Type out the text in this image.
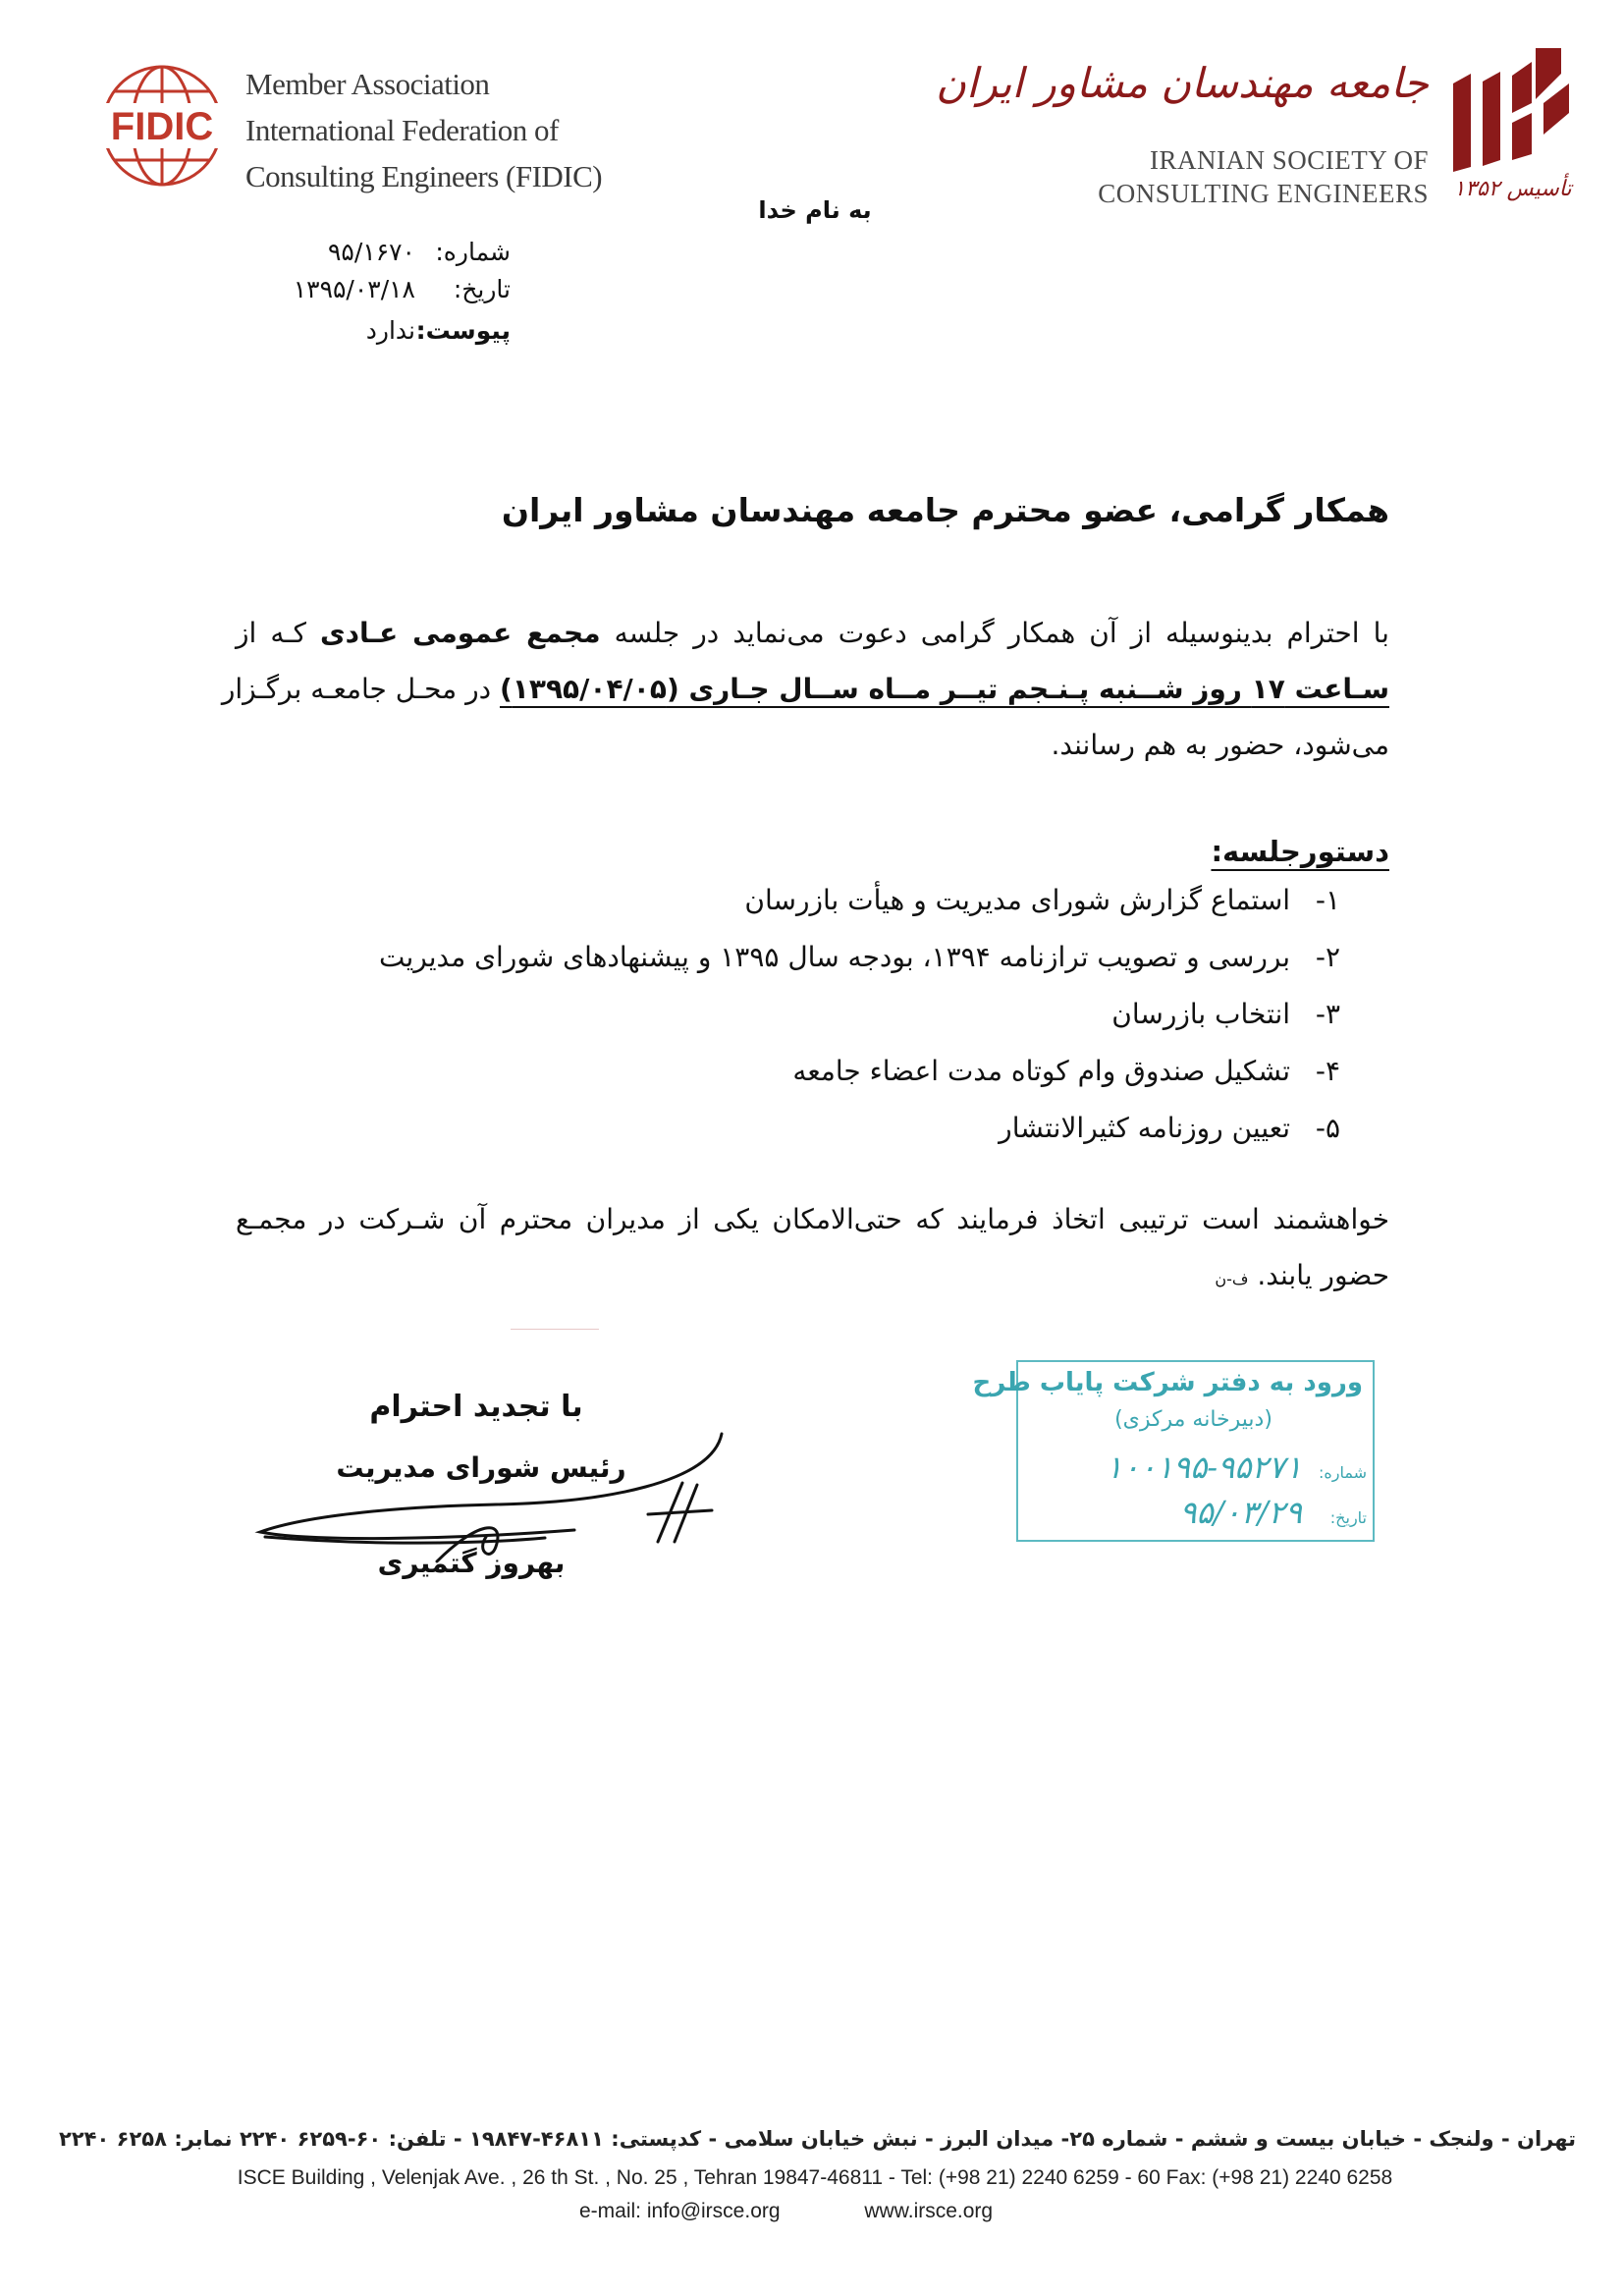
FIDIC
Member Association
International Federation of
Consulting Engineers (FIDIC)
جامعه مهندسان مشاور ایران
IRANIAN SOCIETY OF
CONSULTING ENGINEERS تأسیس ۱۳۵۲
به نام خدا
شماره:۹۵/۱۶۷۰
تاریخ:۱۳۹۵/۰۳/۱۸
پیوست:ندارد
همکار گرامی، عضو محترم جامعه مهندسان مشاور ایران
با احترام بدینوسیله از آن همکار گرامی دعوت می‌نماید در جلسه مجمع عمومی عـادی کـه از
سـاعت ۱۷ روز شــنبه پـنـجم تیــر مــاه ســال جـاری (۱۳۹۵/۰۴/۰۵) در محـل جامعـه برگـزار
می‌شود، حضور به هم رسانند.
دستورجلسه:
۱- استماع گزارش شورای مدیریت و هیأت بازرسان
۲- بررسی و تصویب ترازنامه ۱۳۹۴، بودجه سال ۱۳۹۵ و پیشنهادهای شورای مدیریت
۳- انتخاب بازرسان
۴- تشکیل صندوق وام کوتاه مدت اعضاء جامعه
۵- تعیین روزنامه کثیرالانتشار
خواهشمند است ترتیبی اتخاذ فرمایند که حتی‌الامکان یکی از مدیران محترم آن شـرکت در مجمـع
حضور یابند. ف-ن
با تجدید احترام
رئیس شورای مدیریت
بهروز گتمیری
ورود به دفتر شرکت پایاب طرح
(دبیرخانه مرکزی)
شماره:۱۰۰۱۹۵-۹۵۲۷۱
تاریخ:۹۵/۰۳/۲۹
تهران - ولنجک - خیابان بیست و ششم - شماره ۲۵- میدان البرز - نبش خیابان سلامی - کدپستی: ۴۶۸۱۱-۱۹۸۴۷ - تلفن: ۶۰-۶۲۵۹ ۲۲۴۰ نمابر: ۶۲۵۸ ۲۲۴۰
ISCE Building , Velenjak Ave. , 26 th St. , No. 25 , Tehran 19847-46811 - Tel: (+98 21) 2240 6259 - 60 Fax: (+98 21) 2240 6258
e-mail: info@irsce.org	www.irsce.org
